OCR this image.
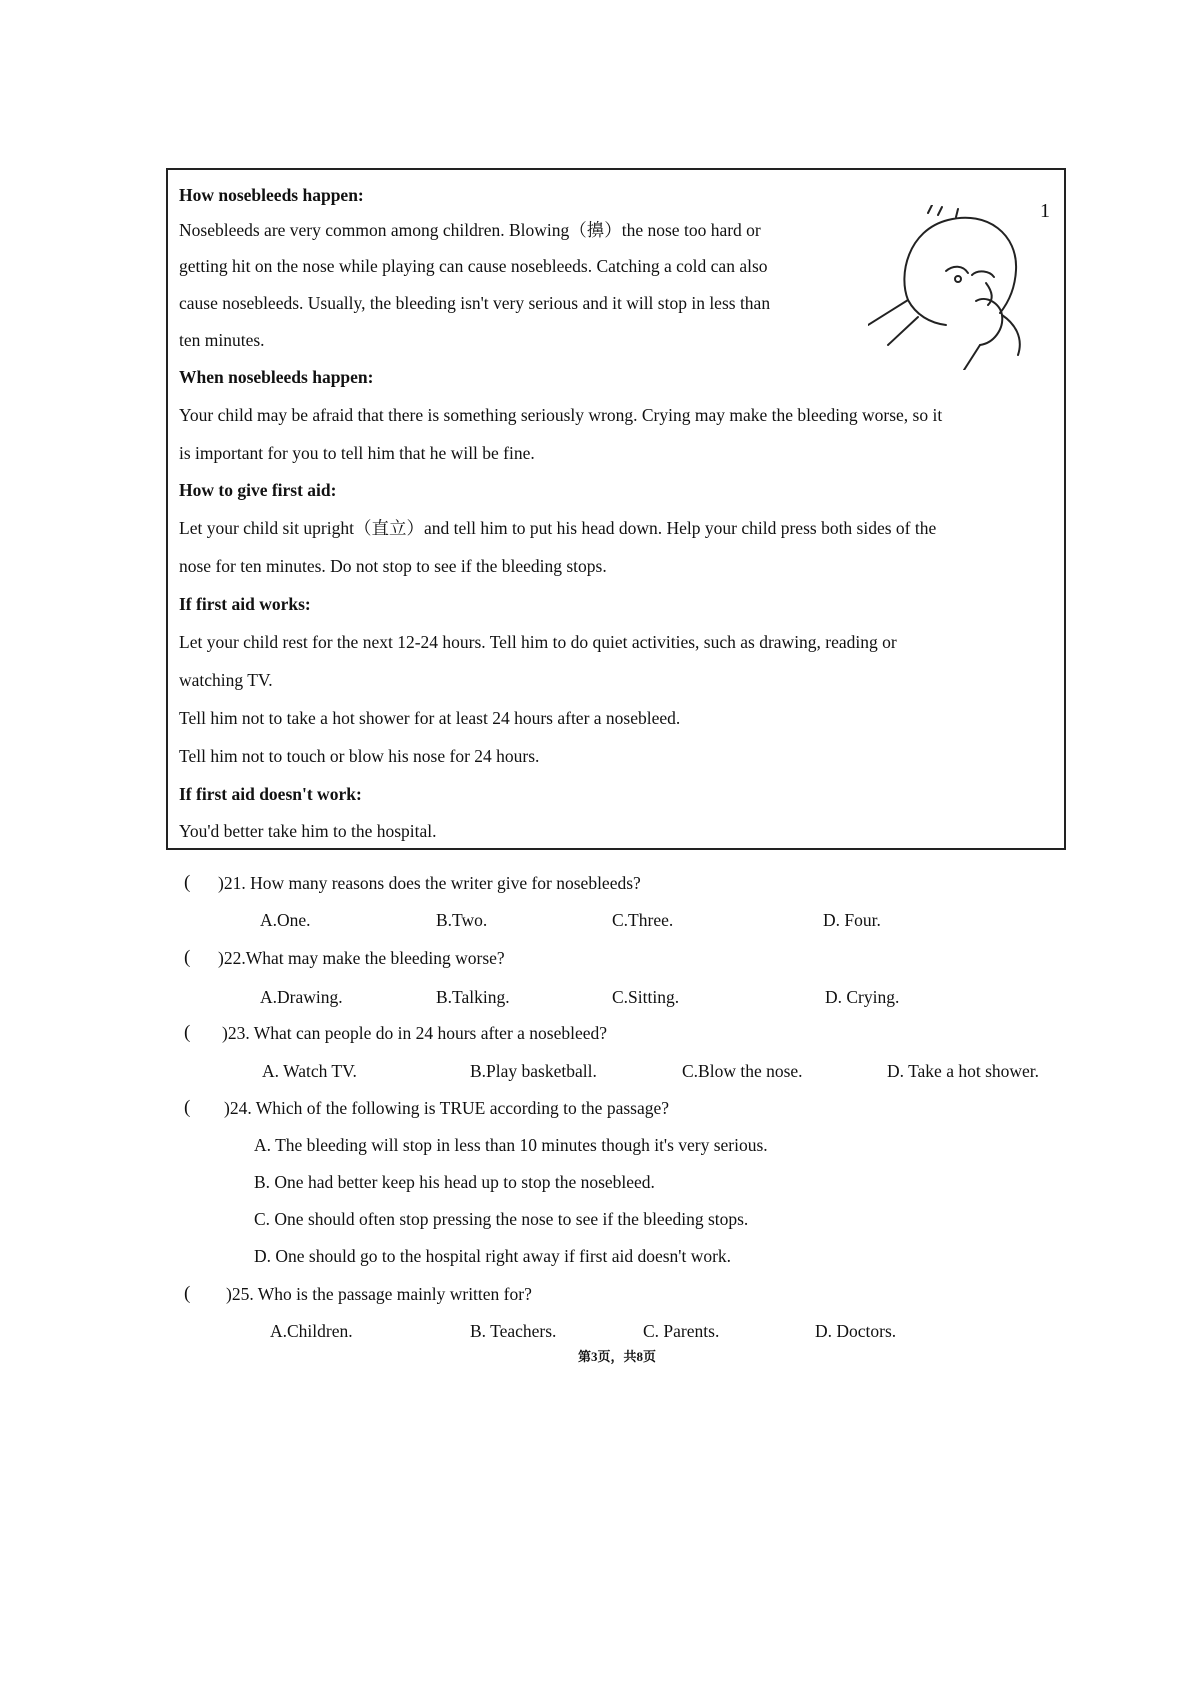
How nosebleeds happen:
Nosebleeds are very common among children. Blowing（擤）the nose too hard or
getting hit on the nose while playing can cause nosebleeds. Catching a cold can also
cause nosebleeds. Usually, the bleeding isn't very serious and it will stop in less than
ten minutes.
When nosebleeds happen:
Your child may be afraid that there is something seriously wrong. Crying may make the bleeding worse, so it
is important for you to tell him that he will be fine.
How to give first aid:
Let your child sit upright（直立）and tell him to put his head down. Help your child press both sides of the
nose for ten minutes. Do not stop to see if the bleeding stops.
If first aid works:
Let your child rest for the next 12-24 hours. Tell him to do quiet activities, such as drawing, reading or
watching TV.
Tell him not to take a hot shower for at least 24 hours after a nosebleed.
Tell him not to touch or blow his nose for 24 hours.
If first aid doesn't work:
You'd better take him to the hospital.
1
( )21. How many reasons does the writer give for nosebleeds?
A.One.	B.Two.	C.Three.	D. Four.
( )22.What may make the bleeding worse?
A.Drawing.	B.Talking.	C.Sitting.	D. Crying.
( )23. What can people do in 24 hours after a nosebleed?
A. Watch TV.	B.Play basketball.	C.Blow the nose.	D. Take a hot shower.
( )24. Which of the following is TRUE according to the passage?
A. The bleeding will stop in less than 10 minutes though it's very serious.
B. One had better keep his head up to stop the nosebleed.
C. One should often stop pressing the nose to see if the bleeding stops.
D. One should go to the hospital right away if first aid doesn't work.
( )25. Who is the passage mainly written for?
A.Children.	B. Teachers.	C. Parents.	D. Doctors.
第3页，共8页
